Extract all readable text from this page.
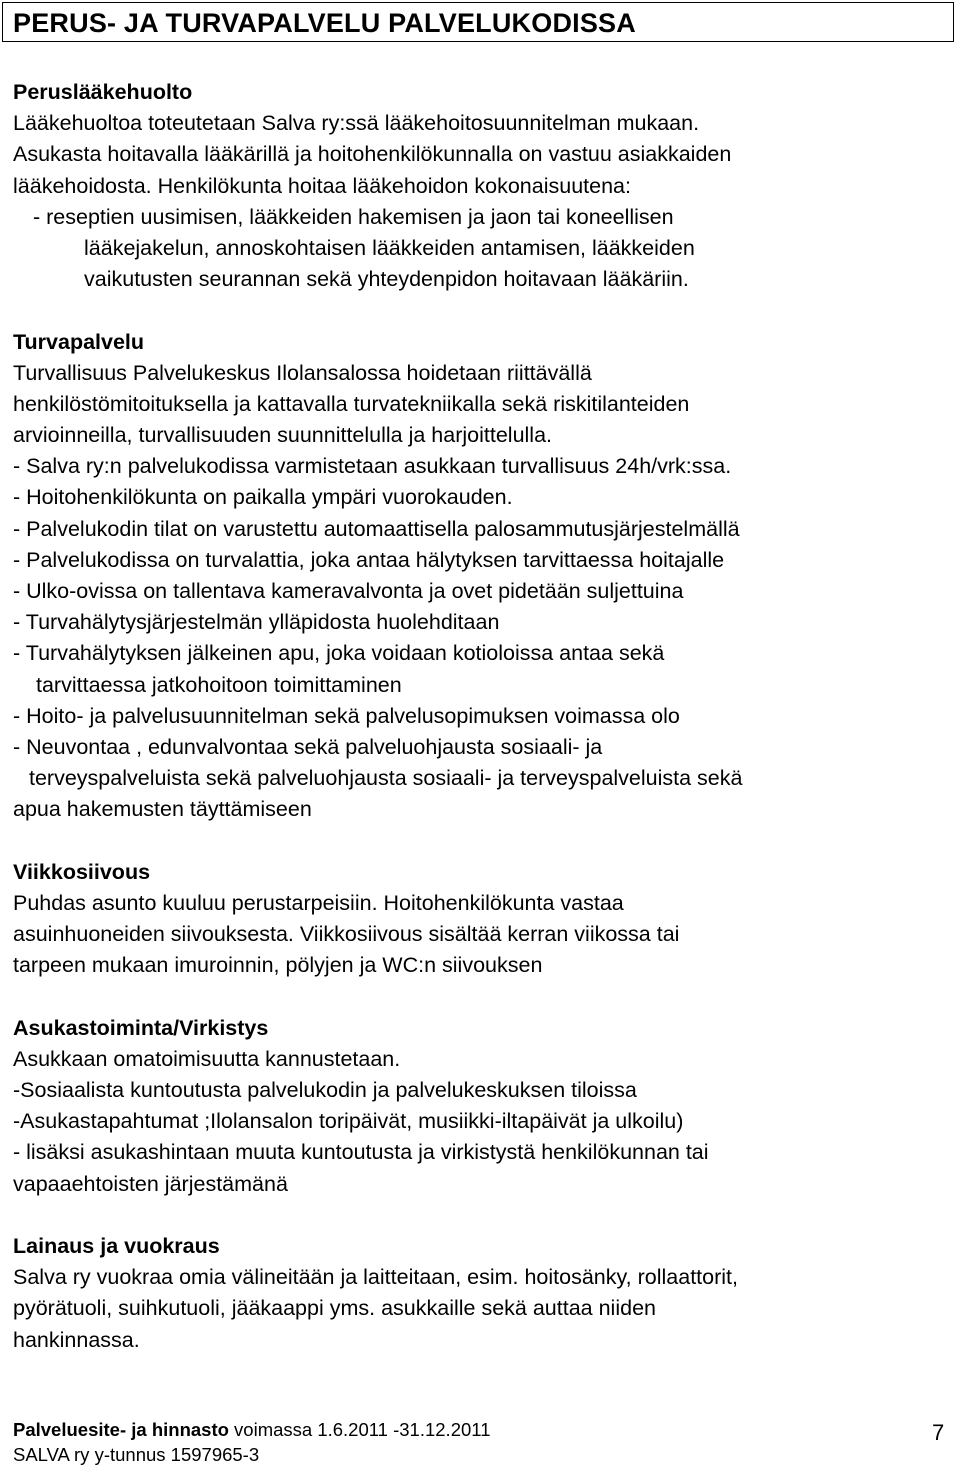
PERUS- JA TURVAPALVELU PALVELUKODISSA
Peruslääkehuolto
Lääkehuoltoa toteutetaan Salva ry:ssä lääkehoitosuunnitelman mukaan.
Asukasta hoitavalla lääkärillä ja hoitohenkilökunnalla on vastuu asiakkaiden
lääkehoidosta. Henkilökunta hoitaa lääkehoidon kokonaisuutena:
- reseptien uusimisen, lääkkeiden hakemisen ja jaon tai koneellisen
lääkejakelun, annoskohtaisen lääkkeiden antamisen, lääkkeiden
vaikutusten seurannan sekä yhteydenpidon hoitavaan lääkäriin.
Turvapalvelu
Turvallisuus Palvelukeskus Ilolansalossa hoidetaan riittävällä
henkilöstömitoituksella ja kattavalla turvatekniikalla sekä riskitilanteiden
arvioinneilla, turvallisuuden suunnittelulla ja harjoittelulla.
- Salva ry:n palvelukodissa varmistetaan asukkaan turvallisuus 24h/vrk:ssa.
- Hoitohenkilökunta on paikalla ympäri vuorokauden.
- Palvelukodin tilat on varustettu automaattisella palosammutusjärjestelmällä
- Palvelukodissa on turvalattia, joka antaa hälytyksen tarvittaessa hoitajalle
- Ulko-ovissa on tallentava kameravalvonta ja ovet pidetään suljettuina
- Turvahälytysjärjestelmän ylläpidosta huolehditaan
- Turvahälytyksen jälkeinen apu, joka voidaan kotioloissa antaa sekä
tarvittaessa jatkohoitoon toimittaminen
- Hoito- ja palvelusuunnitelman sekä palvelusopimuksen voimassa olo
- Neuvontaa , edunvalvontaa sekä palveluohjausta sosiaali- ja
terveyspalveluista sekä palveluohjausta sosiaali- ja terveyspalveluista sekä
apua hakemusten täyttämiseen
Viikkosiivous
Puhdas asunto kuuluu perustarpeisiin. Hoitohenkilökunta vastaa
asuinhuoneiden siivouksesta. Viikkosiivous sisältää kerran viikossa tai
tarpeen mukaan imuroinnin, pölyjen ja WC:n siivouksen
Asukastoiminta/Virkistys
Asukkaan omatoimisuutta kannustetaan.
-Sosiaalista kuntoutusta palvelukodin ja palvelukeskuksen tiloissa
-Asukastapahtumat ;Ilolansalon toripäivät, musiikki-iltapäivät ja ulkoilu)
- lisäksi asukashintaan muuta kuntoutusta ja virkistystä henkilökunnan tai
vapaaehtoisten järjestämänä
Lainaus ja vuokraus
Salva ry vuokraa omia välineitään ja laitteitaan, esim. hoitosänky, rollaattorit,
pyörätuoli, suihkutuoli, jääkaappi yms. asukkaille sekä auttaa niiden
hankinnassa.
Palveluesite- ja hinnasto voimassa 1.6.2011 -31.12.2011
SALVA ry y-tunnus 1597965-3
7
